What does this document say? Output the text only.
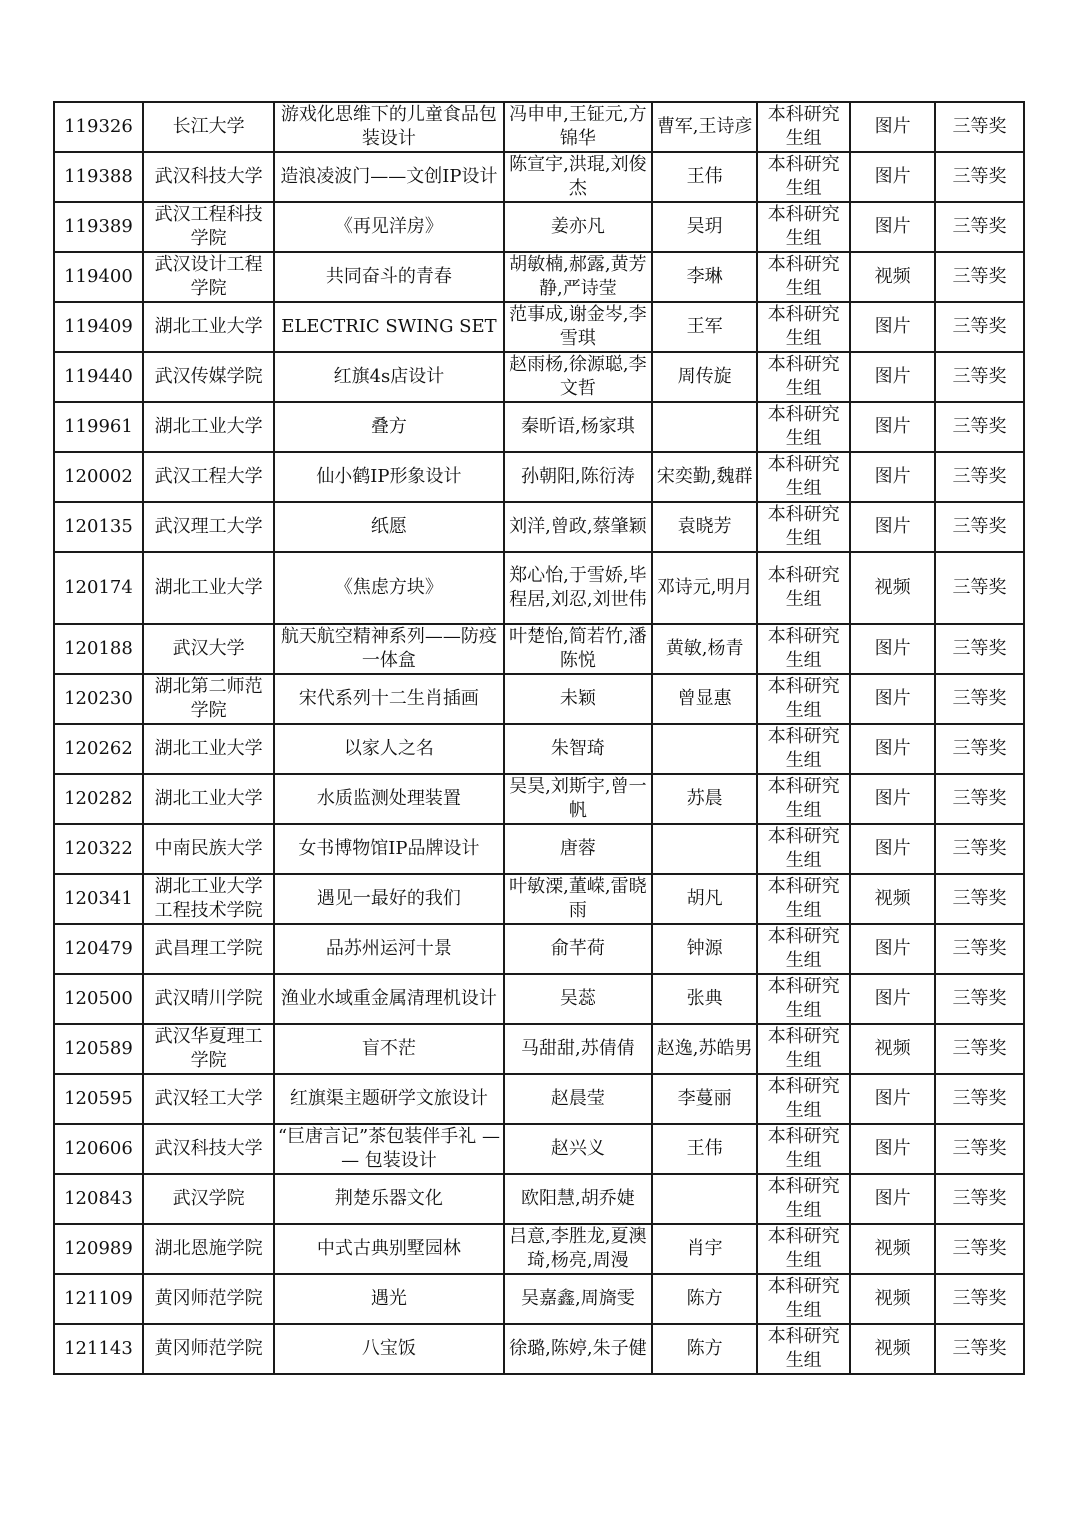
119326	长江大学	游戏化思维下的儿童食品包装设计	冯申申,王钲元,方锦华	曹军,王诗彦	本科研究生组	图片	三等奖
119388	武汉科技大学	造浪凌波门——文创IP设计	陈宣宇,洪琨,刘俊杰	王伟	本科研究生组	图片	三等奖
119389	武汉工程科技学院	《再见洋房》	姜亦凡	吴玥	本科研究生组	图片	三等奖
119400	武汉设计工程学院	共同奋斗的青春	胡敏楠,郝露,黄芳静,严诗莹	李琳	本科研究生组	视频	三等奖
119409	湖北工业大学	ELECTRIC SWING SET	范事成,谢金岑,李雪琪	王军	本科研究生组	图片	三等奖
119440	武汉传媒学院	红旗4s店设计	赵雨杨,徐源聪,李文哲	周传旋	本科研究生组	图片	三等奖
119961	湖北工业大学	叠方	秦昕语,杨家琪		本科研究生组	图片	三等奖
120002	武汉工程大学	仙小鹤IP形象设计	孙朝阳,陈衍涛	宋奕勤,魏群	本科研究生组	图片	三等奖
120135	武汉理工大学	纸愿	刘洋,曾政,蔡肇颖	袁晓芳	本科研究生组	图片	三等奖
120174	湖北工业大学	《焦虑方块》	郑心怡,于雪娇,毕程居,刘忍,刘世伟	邓诗元,明月	本科研究生组	视频	三等奖
120188	武汉大学	航天航空精神系列——防疫一体盒	叶楚怡,简若竹,潘陈悦	黄敏,杨青	本科研究生组	图片	三等奖
120230	湖北第二师范学院	宋代系列十二生肖插画	未颖	曾显惠	本科研究生组	图片	三等奖
120262	湖北工业大学	以家人之名	朱智琦		本科研究生组	图片	三等奖
120282	湖北工业大学	水质监测处理装置	吴昊,刘斯宇,曾一帆	苏晨	本科研究生组	图片	三等奖
120322	中南民族大学	女书博物馆IP品牌设计	唐蓉		本科研究生组	图片	三等奖
120341	湖北工业大学工程技术学院	遇见一最好的我们	叶敏溧,董嵘,雷晓雨	胡凡	本科研究生组	视频	三等奖
120479	武昌理工学院	品苏州运河十景	俞芊荷	钟源	本科研究生组	图片	三等奖
120500	武汉晴川学院	渔业水域重金属清理机设计	吴蕊	张典	本科研究生组	图片	三等奖
120589	武汉华夏理工学院	盲不茫	马甜甜,苏倩倩	赵逸,苏皓男	本科研究生组	视频	三等奖
120595	武汉轻工大学	红旗渠主题研学文旅设计	赵晨莹	李蔓丽	本科研究生组	图片	三等奖
120606	武汉科技大学	“巨唐言记”茶包装伴手礼 — — 包装设计	赵兴义	王伟	本科研究生组	图片	三等奖
120843	武汉学院	荆楚乐器文化	欧阳慧,胡乔婕		本科研究生组	图片	三等奖
120989	湖北恩施学院	中式古典别墅园林	吕意,李胜龙,夏澳琦,杨亮,周漫	肖宇	本科研究生组	视频	三等奖
121109	黄冈师范学院	遇光	吴嘉鑫,周旖雯	陈方	本科研究生组	视频	三等奖
121143	黄冈师范学院	八宝饭	徐璐,陈婷,朱子健	陈方	本科研究生组	视频	三等奖
